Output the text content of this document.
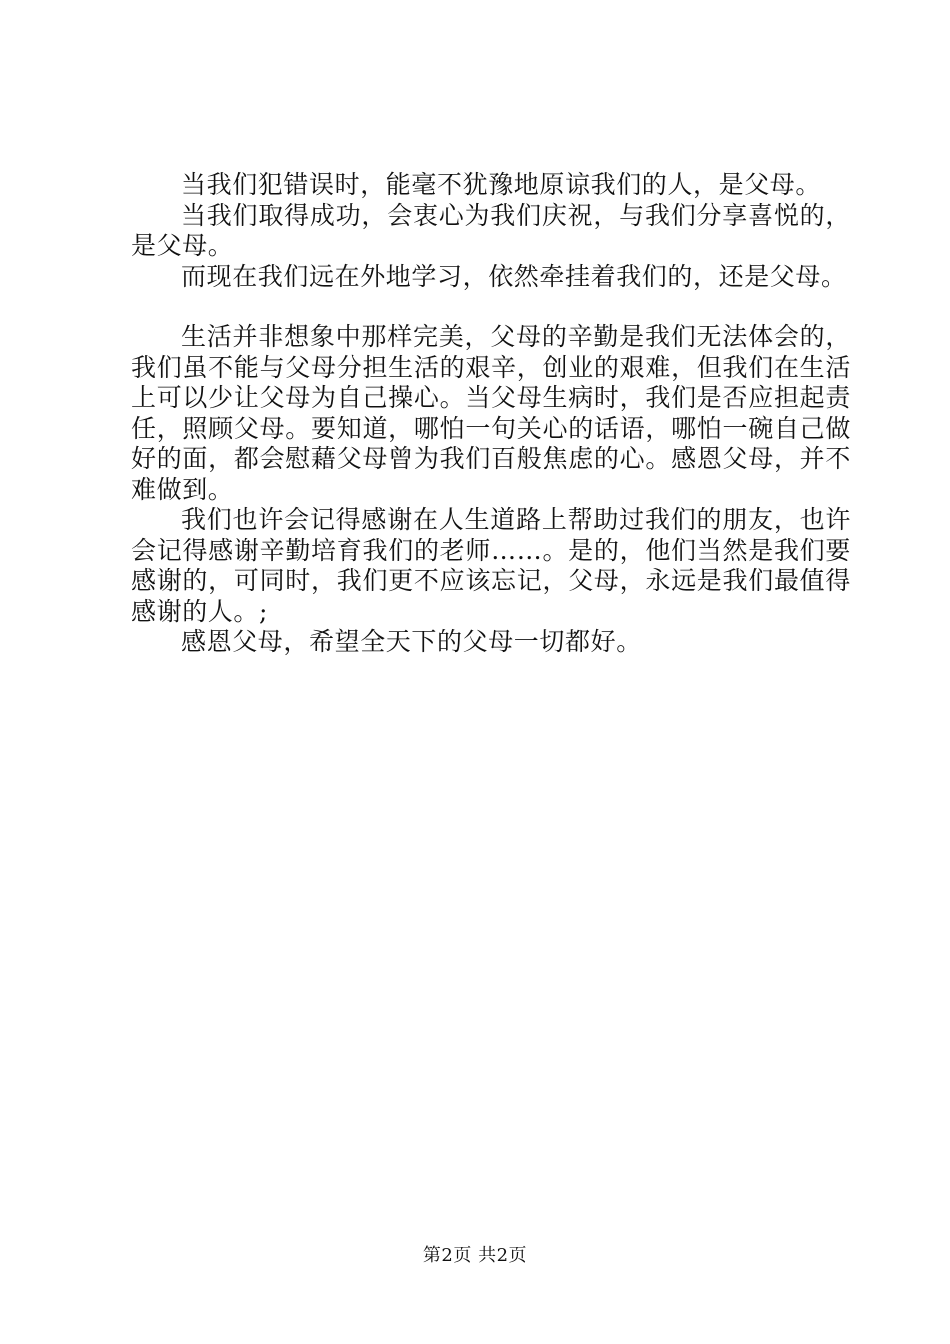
当我们犯错误时，能毫不犹豫地原谅我们的人，是父母。

当我们取得成功，会衷心为我们庆祝，与我们分享喜悦的，是父母。

而现在我们远在外地学习，依然牵挂着我们的，还是父母。

生活并非想象中那样完美，父母的辛勤是我们无法体会的，我们虽不能与父母分担生活的艰辛，创业的艰难，但我们在生活上可以少让父母为自己操心。当父母生病时，我们是否应担起责任，照顾父母。要知道，哪怕一句关心的话语，哪怕一碗自己做好的面，都会慰藉父母曾为我们百般焦虑的心。感恩父母，并不难做到。

我们也许会记得感谢在人生道路上帮助过我们的朋友，也许会记得感谢辛勤培育我们的老师……。是的，他们当然是我们要感谢的，可同时，我们更不应该忘记，父母，永远是我们最值得感谢的人。;

感恩父母，希望全天下的父母一切都好。

第2页 共2页
